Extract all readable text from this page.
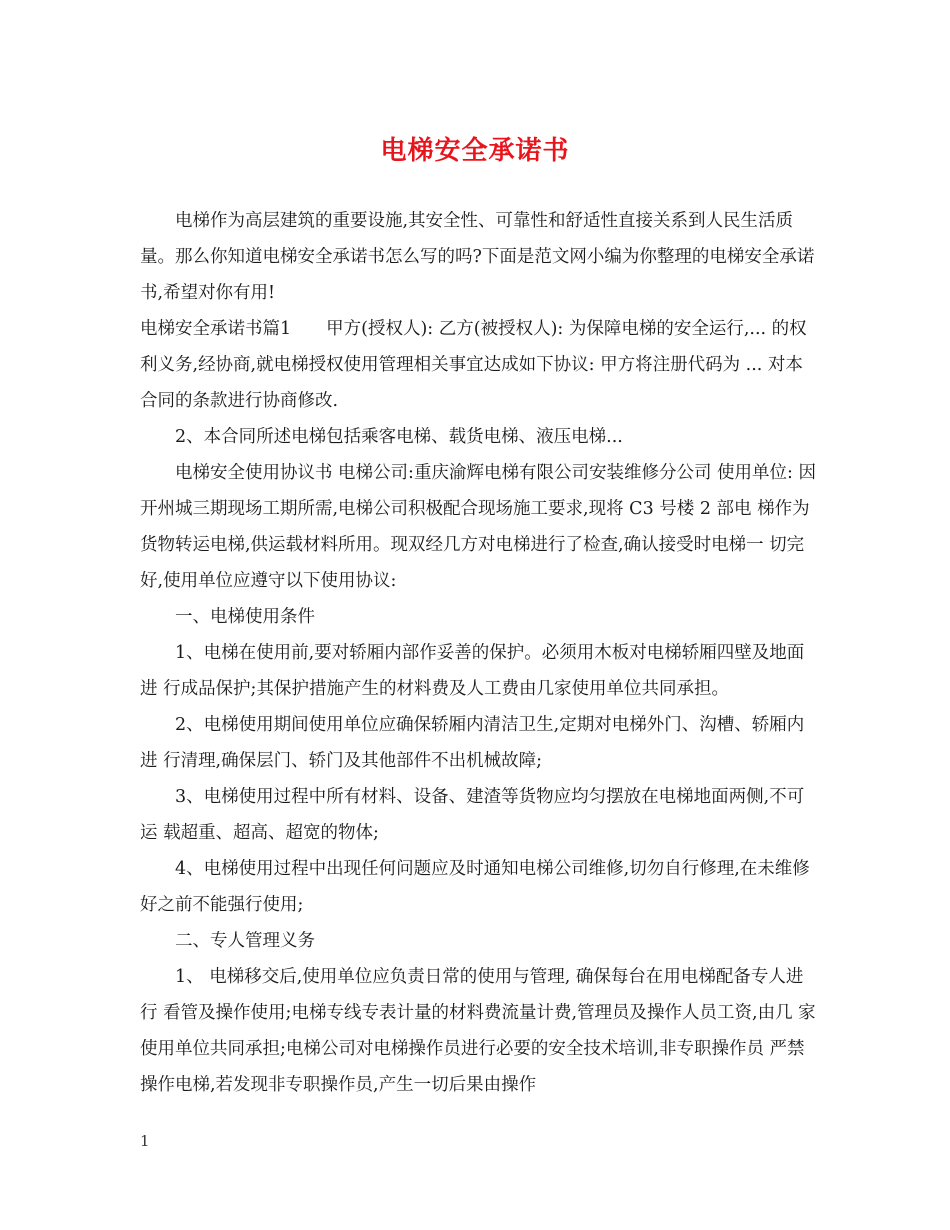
电梯安全承诺书

电梯作为高层建筑的重要设施,其安全性、可靠性和舒适性直接关系到人民生活质量。那么你知道电梯安全承诺书怎么写的吗?下面是范文网小编为你整理的电梯安全承诺书,希望对你有用!

电梯安全承诺书篇1　　甲方(授权人): 乙方(被授权人): 为保障电梯的安全运行,... 的权利义务,经协商,就电梯授权使用管理相关事宜达成如下协议: 甲方将注册代码为 ... 对本合同的条款进行协商修改.

2、本合同所述电梯包括乘客电梯、载货电梯、液压电梯...

电梯安全使用协议书 电梯公司:重庆渝辉电梯有限公司安装维修分公司 使用单位: 因开州城三期现场工期所需,电梯公司积极配合现场施工要求,现将 C3 号楼 2 部电 梯作为货物转运电梯,供运载材料所用。现双经几方对电梯进行了检查,确认接受时电梯一 切完好,使用单位应遵守以下使用协议:

一、电梯使用条件

1、电梯在使用前,要对轿厢内部作妥善的保护。必须用木板对电梯轿厢四壁及地面进 行成品保护;其保护措施产生的材料费及人工费由几家使用单位共同承担。

2、电梯使用期间使用单位应确保轿厢内清洁卫生,定期对电梯外门、沟槽、轿厢内进 行清理,确保层门、轿门及其他部件不出机械故障;

3、电梯使用过程中所有材料、设备、建渣等货物应均匀摆放在电梯地面两侧,不可运 载超重、超高、超宽的物体;

4、电梯使用过程中出现任何问题应及时通知电梯公司维修,切勿自行修理,在未维修 好之前不能强行使用;

二、专人管理义务

1、 电梯移交后,使用单位应负责日常的使用与管理, 确保每台在用电梯配备专人进行 看管及操作使用;电梯专线专表计量的材料费流量计费,管理员及操作人员工资,由几 家使用单位共同承担;电梯公司对电梯操作员进行必要的安全技术培训,非专职操作员 严禁操作电梯,若发现非专职操作员,产生一切后果由操作

1
